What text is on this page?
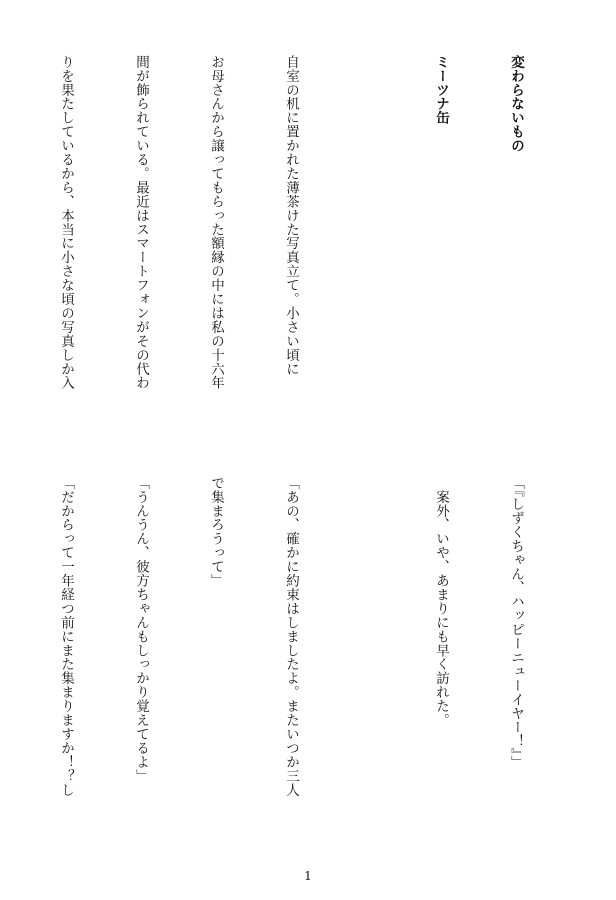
変わらないもの

ミーツナ缶

自室の机に置かれた薄茶けた写真立て。小さい頃に

お母さんから譲ってもらった額縁の中には私の十六年

間が飾られている。最近はスマートフォンがその代わ

りを果たしているから、本当に小さな頃の写真しか入

「『しずくちゃん、ハッピーニューイヤー！』」

　案外、いや、あまりにも早く訪れた。

「あの、確かに約束はしましたよ。またいつか三人

で集まろうって」

「うんうん、彼方ちゃんもしっかり覚えてるよ」

「だからって一年経つ前にまた集まりますか！？し

1
